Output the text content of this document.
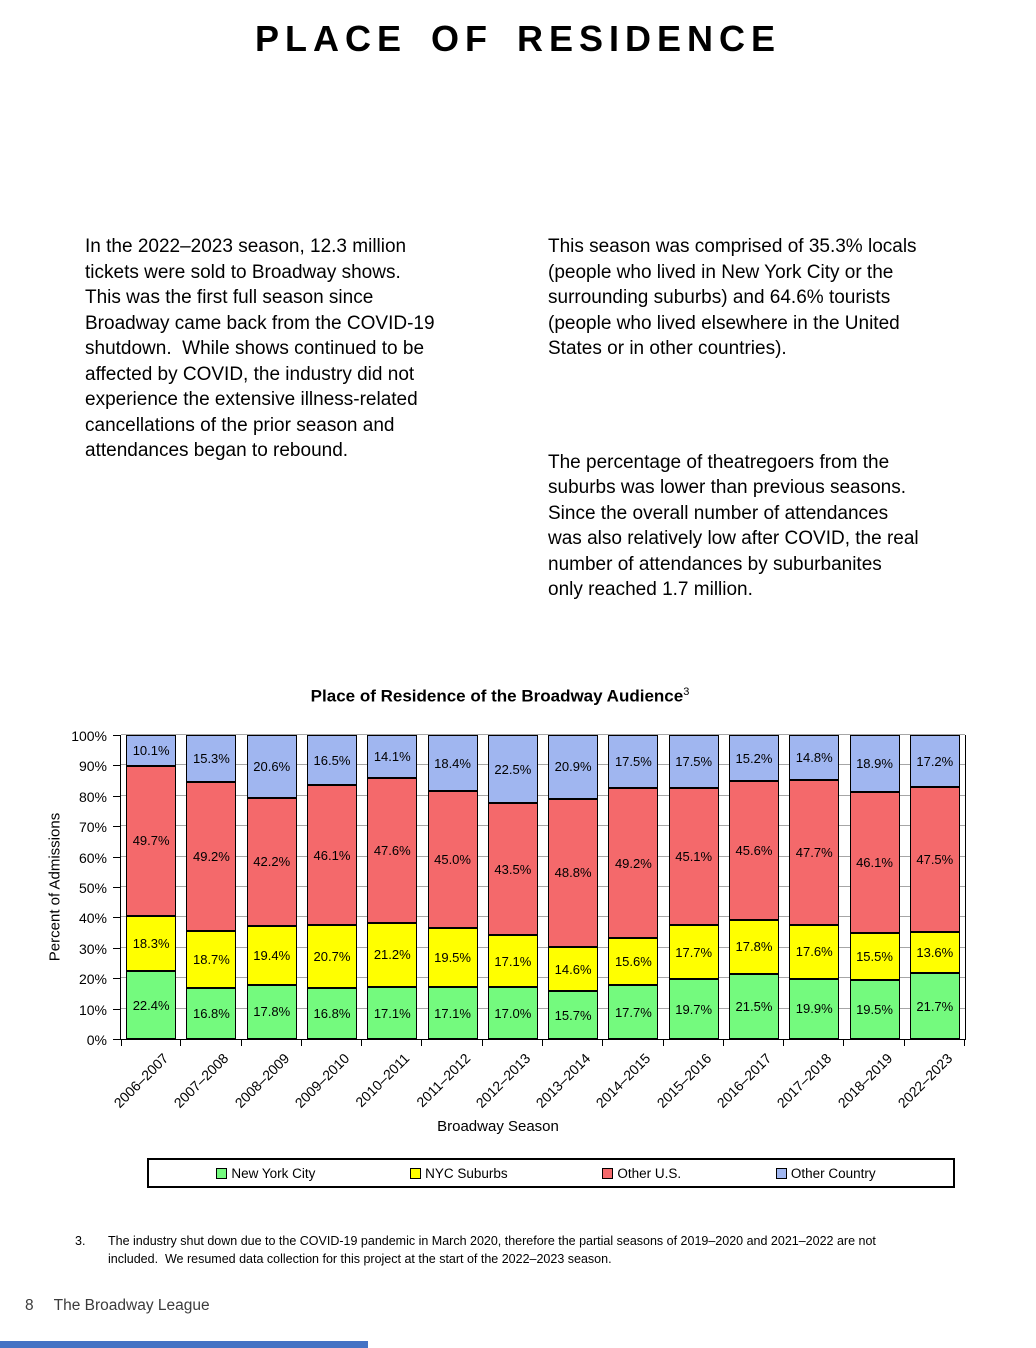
PLACE OF RESIDENCE

In the 2022–2023 season, 12.3 million tickets were sold to Broadway shows.  This was the first full season since Broadway came back from the COVID-19 shutdown.  While shows continued to be affected by COVID, the industry did not experience the extensive illness-related cancellations of the prior season and attendances began to rebound.

This season was comprised of 35.3% locals (people who lived in New York City or the surrounding suburbs) and 64.6% tourists (people who lived elsewhere in the United States or in other countries).

The percentage of theatregoers from the suburbs was lower than previous seasons.  Since the overall number of attendances was also relatively low after COVID, the real number of attendances by suburbanites only reached 1.7 million.

Place of Residence of the Broadway Audience$^3$
Percent of Admissions
0%
10%
20%
30%
40%
50%
60%
70%
80%
90%
100%
22.4%
18.3%
49.7%
10.1%
16.8%
18.7%
49.2%
15.3%
17.8%
19.4%
42.2%
20.6%
16.8%
20.7%
46.1%
16.5%
17.1%
21.2%
47.6%
14.1%
17.1%
19.5%
45.0%
18.4%
17.0%
17.1%
43.5%
22.5%
15.7%
14.6%
48.8%
20.9%
17.7%
15.6%
49.2%
17.5%
19.7%
17.7%
45.1%
17.5%
21.5%
17.8%
45.6%
15.2%
19.9%
17.6%
47.7%
14.8%
19.5%
15.5%
46.1%
18.9%
21.7%
13.6%
47.5%
17.2%
2006–2007 2007–2008 2008–2009 2009–2010 2010–2011 2011–2012 2012–2013 2013–2014 2014–2015 2015–2016 2016–2017 2017–2018 2018–2019 2022–2023
Broadway Season
New York City	NYC Suburbs	Other U.S.	Other Country
3.	The industry shut down due to the COVID-19 pandemic in March 2020, therefore the partial seasons of 2019–2020 and 2021–2022 are not included.  We resumed data collection for this project at the start of the 2022–2023 season.
8 The Broadway League
